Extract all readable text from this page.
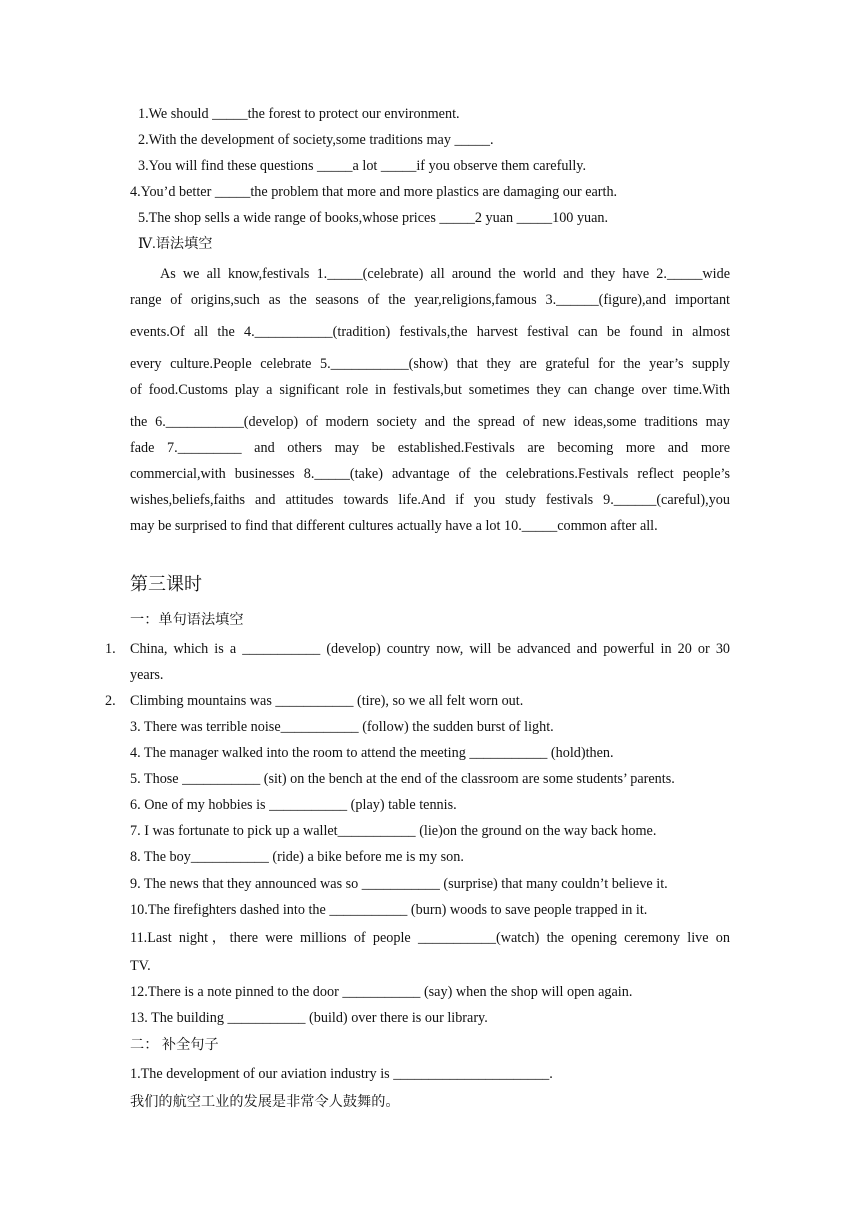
1.We should _____the forest to protect our environment.
2.With the development of society,some traditions may _____.
3.You will find these questions _____a lot _____if you observe them carefully.
4.You’d better _____the problem that more and more plastics are damaging our earth.
5.The shop sells a wide range of books,whose prices _____2 yuan _____100 yuan.
Ⅳ.语法填空
As we all know,festivals 1._____(celebrate) all around the world and they have 2._____wide
range of origins,such as the seasons of the year,religions,famous 3.______(figure),and important
events.Of all the 4.___________(tradition) festivals,the harvest festival can be found in almost
every culture.People celebrate 5.___________(show) that they are grateful for the year’s supply
of food.Customs play a significant role in festivals,but sometimes they can change over time.With
the 6.___________(develop) of modern society and the spread of new ideas,some traditions may
fade 7._________ and others may be established.Festivals are becoming more and more
commercial,with businesses 8._____(take) advantage of the celebrations.Festivals reflect people’s
wishes,beliefs,faiths and attitudes towards life.And if you study festivals 9.______(careful),you
may be surprised to find that different cultures actually have a lot 10._____common after all.
第三课时
一：单句语法填空
1. China, which is a ___________ (develop) country now, will be advanced and powerful in 20 or 30
years.
2. Climbing mountains was ___________ (tire), so we all felt worn out.
3. There was terrible noise___________ (follow) the sudden burst of light.
4. The manager walked into the room to attend the meeting ___________ (hold)then.
5. Those ___________ (sit) on the bench at the end of the classroom are some students’ parents.
6. One of my hobbies is ___________ (play) table tennis.
7. I was fortunate to pick up a wallet___________ (lie)on the ground on the way back home.
8. The boy___________ (ride) a bike before me is my son.
9. The news that they announced was so ___________ (surprise) that many couldn’t believe it.
10.The firefighters dashed into the ___________ (burn) woods to save people trapped in it.
11.Last night，there were millions of people ___________(watch) the opening ceremony live on
TV.
12.There is a note pinned to the door ___________ (say) when the shop will open again.
13. The building ___________ (build) over there is our library.
二： 补全句子
1.The development of our aviation industry is ______________________.
我们的航空工业的发展是非常令人鼓舞的。
